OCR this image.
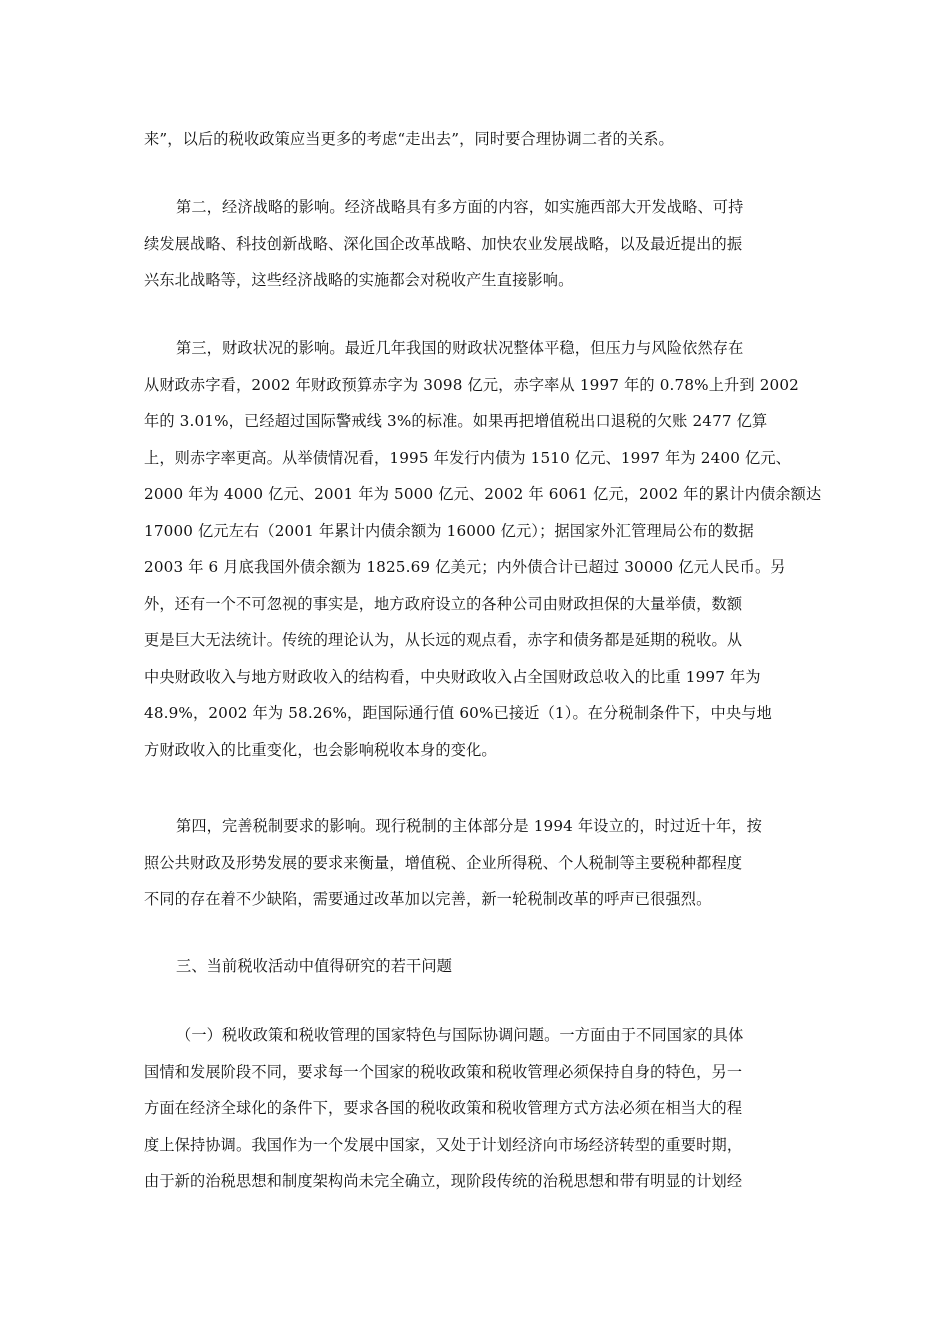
来”，以后的税收政策应当更多的考虑“走出去”，同时要合理协调二者的关系。
第二，经济战略的影响。经济战略具有多方面的内容，如实施西部大开发战略、可持
续发展战略、科技创新战略、深化国企改革战略、加快农业发展战略，以及最近提出的振
兴东北战略等，这些经济战略的实施都会对税收产生直接影响。
第三，财政状况的影响。最近几年我国的财政状况整体平稳，但压力与风险依然存在
从财政赤字看，2002 年财政预算赤字为 3098 亿元，赤字率从 1997 年的 0.78%上升到 2002
年的 3.01%，已经超过国际警戒线 3%的标准。如果再把增值税出口退税的欠账 2477 亿算
上，则赤字率更高。从举债情况看，1995 年发行内债为 1510 亿元、1997 年为 2400 亿元、
2000 年为 4000 亿元、2001 年为 5000 亿元、2002 年 6061 亿元，2002 年的累计内债余额达
17000 亿元左右（2001 年累计内债余额为 16000 亿元）；据国家外汇管理局公布的数据
2003 年 6 月底我国外债余额为 1825.69 亿美元；内外债合计已超过 30000 亿元人民币。另
外，还有一个不可忽视的事实是，地方政府设立的各种公司由财政担保的大量举债，数额
更是巨大无法统计。传统的理论认为，从长远的观点看，赤字和债务都是延期的税收。从
中央财政收入与地方财政收入的结构看，中央财政收入占全国财政总收入的比重 1997 年为
48.9%，2002 年为 58.26%，距国际通行值 60%已接近（1）。在分税制条件下，中央与地
方财政收入的比重变化，也会影响税收本身的变化。
第四，完善税制要求的影响。现行税制的主体部分是 1994 年设立的，时过近十年，按
照公共财政及形势发展的要求来衡量，增值税、企业所得税、个人税制等主要税种都程度
不同的存在着不少缺陷，需要通过改革加以完善，新一轮税制改革的呼声已很强烈。
三、当前税收活动中值得研究的若干问题
（一）税收政策和税收管理的国家特色与国际协调问题。一方面由于不同国家的具体
国情和发展阶段不同，要求每一个国家的税收政策和税收管理必须保持自身的特色，另一
方面在经济全球化的条件下，要求各国的税收政策和税收管理方式方法必须在相当大的程
度上保持协调。我国作为一个发展中国家，又处于计划经济向市场经济转型的重要时期，
由于新的治税思想和制度架构尚未完全确立，现阶段传统的治税思想和带有明显的计划经
